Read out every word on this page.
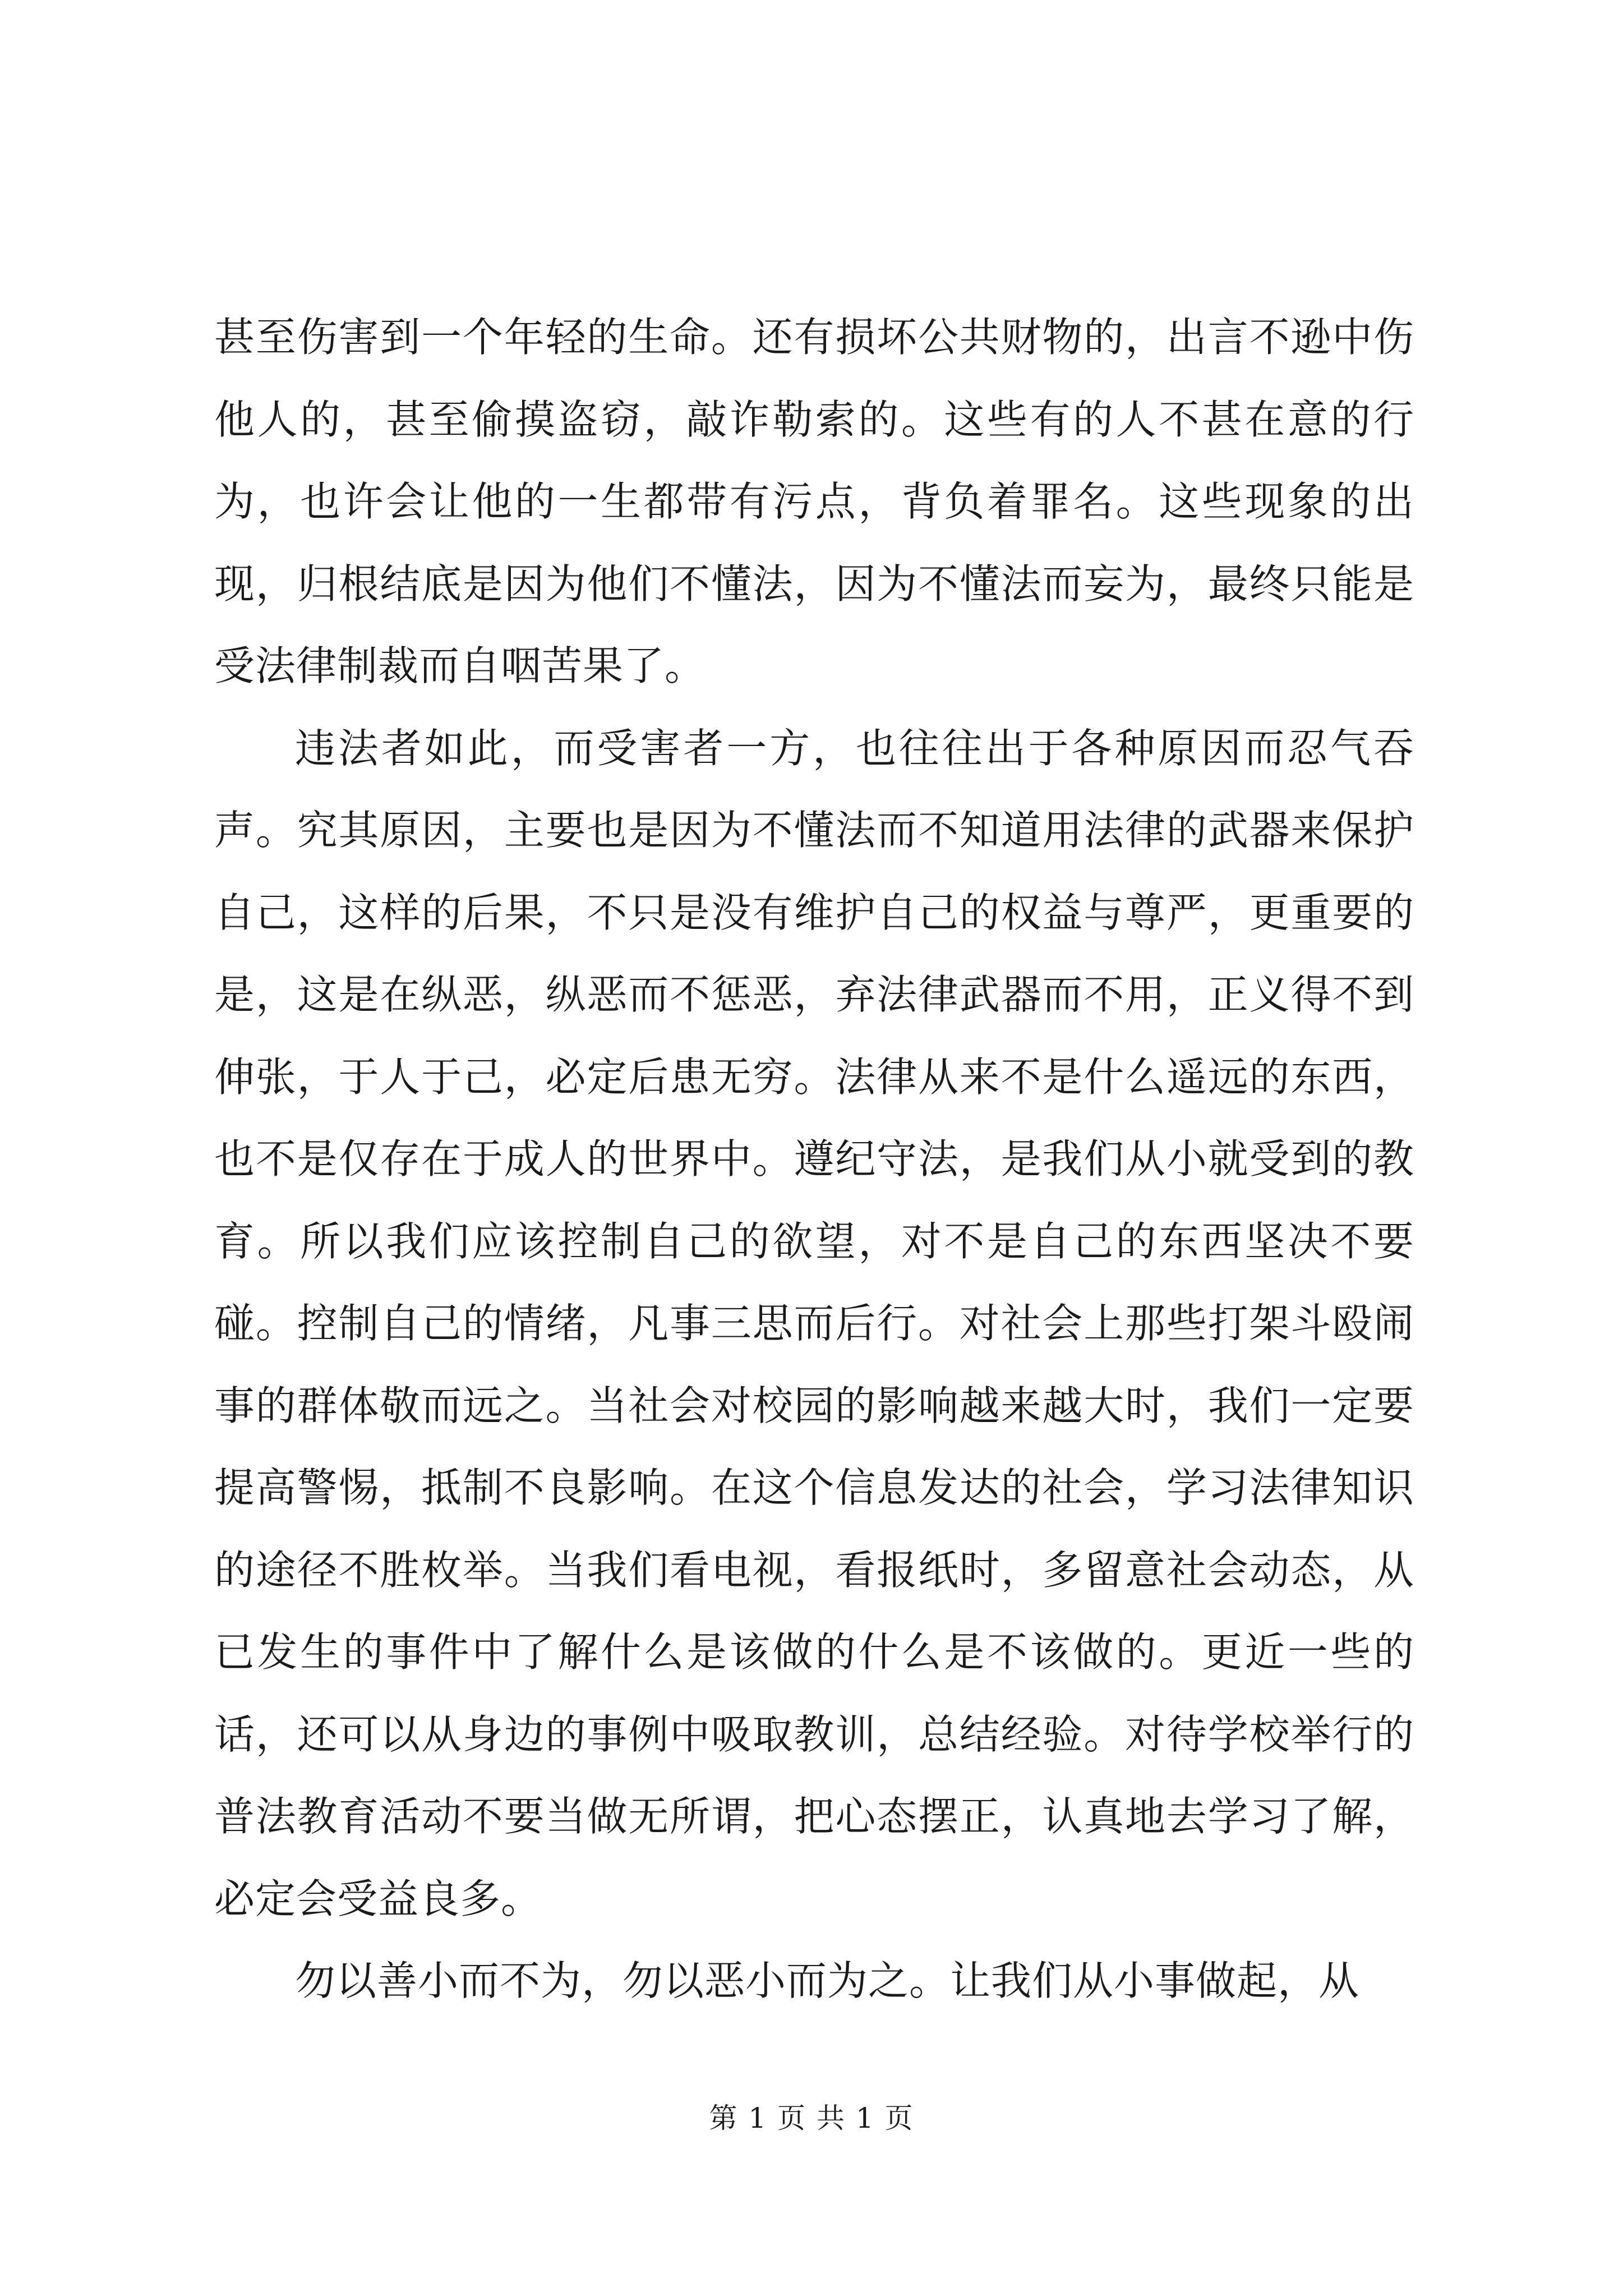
甚至伤害到一个年轻的生命。还有损坏公共财物的，出言不逊中伤他人的，甚至偷摸盗窃，敲诈勒索的。这些有的人不甚在意的行为，也许会让他的一生都带有污点，背负着罪名。这些现象的出现，归根结底是因为他们不懂法，因为不懂法而妄为，最终只能是受法律制裁而自咽苦果了。

违法者如此，而受害者一方，也往往出于各种原因而忍气吞声。究其原因，主要也是因为不懂法而不知道用法律的武器来保护自己，这样的后果，不只是没有维护自己的权益与尊严，更重要的是，这是在纵恶，纵恶而不惩恶，弃法律武器而不用，正义得不到伸张，于人于己，必定后患无穷。法律从来不是什么遥远的东西，也不是仅存在于成人的世界中。遵纪守法，是我们从小就受到的教育。所以我们应该控制自己的欲望，对不是自己的东西坚决不要碰。控制自己的情绪，凡事三思而后行。对社会上那些打架斗殴闹事的群体敬而远之。当社会对校园的影响越来越大时，我们一定要提高警惕，抵制不良影响。在这个信息发达的社会，学习法律知识的途径不胜枚举。当我们看电视，看报纸时，多留意社会动态，从已发生的事件中了解什么是该做的什么是不该做的。更近一些的话，还可以从身边的事例中吸取教训，总结经验。对待学校举行的普法教育活动不要当做无所谓，把心态摆正，认真地去学习了解，必定会受益良多。

勿以善小而不为，勿以恶小而为之。让我们从小事做起，从

第 1 页 共 1 页
